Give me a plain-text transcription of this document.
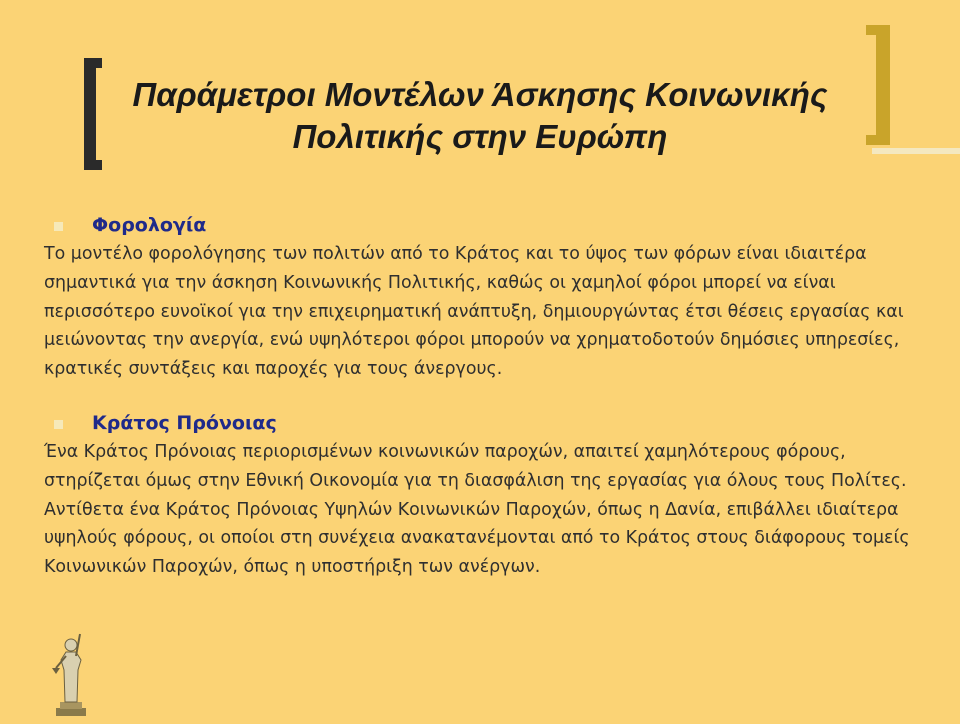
Παράμετροι Μοντέλων Άσκησης Κοινωνικής
Πολιτικής στην Ευρώπη
Φορολογία

Το μοντέλο φορολόγησης των πολιτών από το Κράτος και το ύψος των φόρων είναι ιδιαιτέρα σημαντικά για την άσκηση Κοινωνικής Πολιτικής, καθώς οι χαμηλοί φόροι μπορεί να είναι περισσότερο ευνοϊκοί για την επιχειρηματική ανάπτυξη, δημιουργώντας έτσι θέσεις εργασίας και μειώνοντας την ανεργία, ενώ υψηλότεροι φόροι μπορούν να χρηματοδοτούν δημόσιες υπηρεσίες, κρατικές συντάξεις και παροχές για τους άνεργους.

Κράτος Πρόνοιας

Ένα Κράτος Πρόνοιας περιορισμένων κοινωνικών παροχών, απαιτεί χαμηλότερους φόρους, στηρίζεται όμως στην Εθνική Οικονομία για τη διασφάλιση της εργασίας για όλους τους Πολίτες. Αντίθετα ένα Κράτος Πρόνοιας Υψηλών Κοινωνικών Παροχών, όπως η Δανία, επιβάλλει ιδιαίτερα υψηλούς φόρους, οι οποίοι στη συνέχεια ανακατανέμονται από το Κράτος στους διάφορους τομείς Κοινωνικών Παροχών, όπως η υποστήριξη των ανέργων.
